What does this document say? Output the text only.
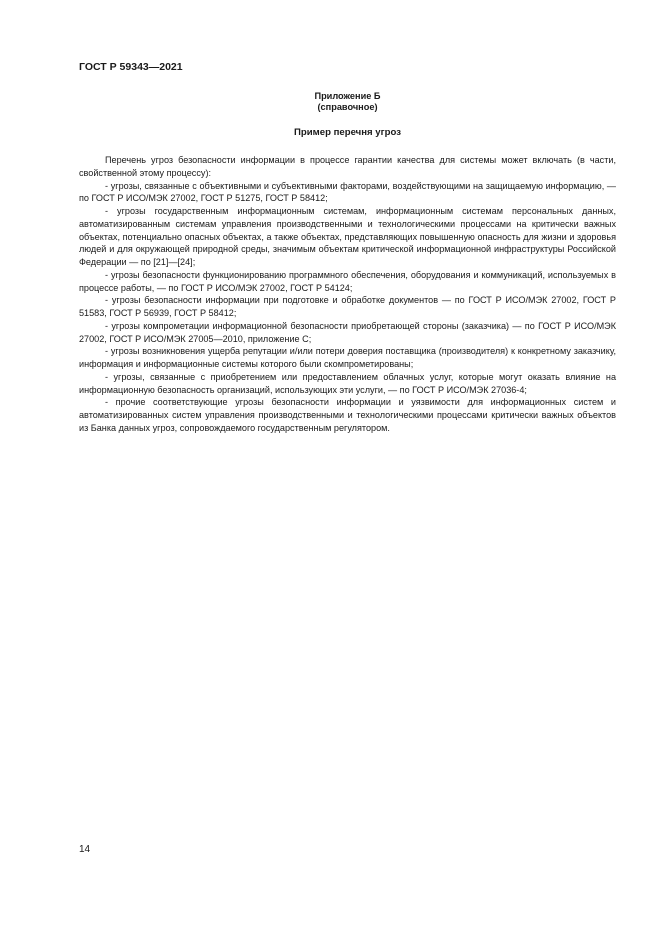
ГОСТ Р 59343—2021
Приложение Б
(справочное)
Пример перечня угроз

Перечень угроз безопасности информации в процессе гарантии качества для системы может включать (в части, свойственной этому процессу):

- угрозы, связанные с объективными и субъективными факторами, воздействующими на защищаемую информацию, — по ГОСТ Р ИСО/МЭК 27002, ГОСТ Р 51275, ГОСТ Р 58412;

- угрозы государственным информационным системам, информационным системам персональных данных, автоматизированным системам управления производственными и технологическими процессами на критически важных объектах, потенциально опасных объектах, а также объектах, представляющих повышенную опасность для жизни и здоровья людей и для окружающей природной среды, значимым объектам критической информационной инфраструктуры Российской Федерации — по [21]—[24];

- угрозы безопасности функционированию программного обеспечения, оборудования и коммуникаций, используемых в процессе работы, — по ГОСТ Р ИСО/МЭК 27002, ГОСТ Р 54124;

- угрозы безопасности информации при подготовке и обработке документов — по ГОСТ Р ИСО/МЭК 27002, ГОСТ Р 51583, ГОСТ Р 56939, ГОСТ Р 58412;

- угрозы компрометации информационной безопасности приобретающей стороны (заказчика) — по ГОСТ Р ИСО/МЭК 27002, ГОСТ Р ИСО/МЭК 27005—2010, приложение С;

- угрозы возникновения ущерба репутации и/или потери доверия поставщика (производителя) к конкретному заказчику, информация и информационные системы которого были скомпрометированы;

- угрозы, связанные с приобретением или предоставлением облачных услуг, которые могут оказать влияние на информационную безопасность организаций, использующих эти услуги, — по ГОСТ Р ИСО/МЭК 27036-4;

- прочие соответствующие угрозы безопасности информации и уязвимости для информационных систем и автоматизированных систем управления производственными и технологическими процессами критически важных объектов из Банка данных угроз, сопровождаемого государственным регулятором.

14
